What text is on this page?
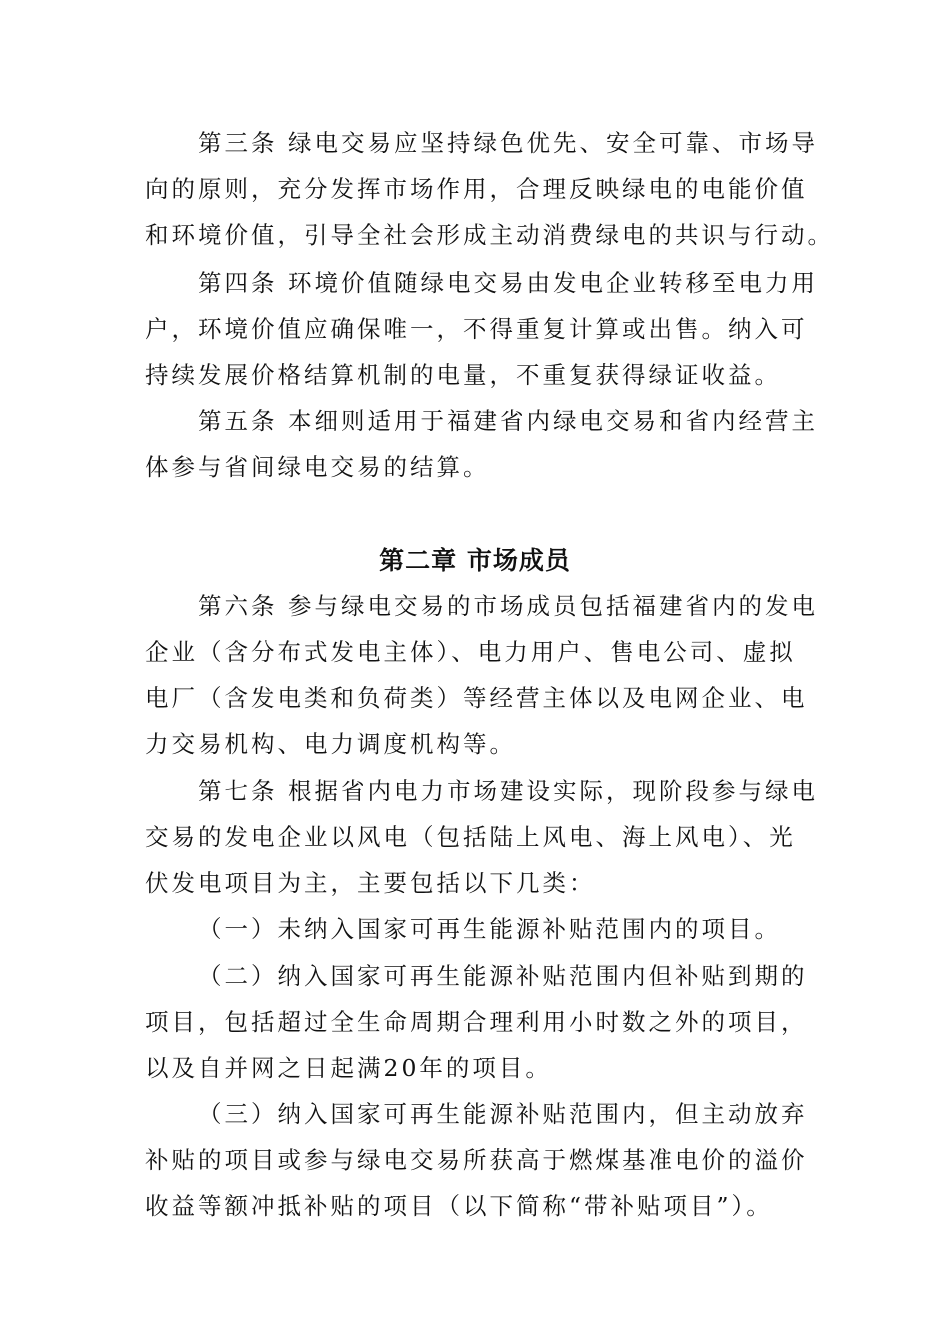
第三条 绿电交易应坚持绿色优先、安全可靠、市场导
向的原则，充分发挥市场作用，合理反映绿电的电能价值
和环境价值，引导全社会形成主动消费绿电的共识与行动。

第四条 环境价值随绿电交易由发电企业转移至电力用
户，环境价值应确保唯一，不得重复计算或出售。纳入可
持续发展价格结算机制的电量，不重复获得绿证收益。

第五条 本细则适用于福建省内绿电交易和省内经营主
体参与省间绿电交易的结算。

第二章 市场成员

第六条 参与绿电交易的市场成员包括福建省内的发电
企业（含分布式发电主体）、电力用户、售电公司、虚拟
电厂（含发电类和负荷类）等经营主体以及电网企业、电
力交易机构、电力调度机构等。

第七条 根据省内电力市场建设实际，现阶段参与绿电
交易的发电企业以风电（包括陆上风电、海上风电）、光
伏发电项目为主，主要包括以下几类：

（一）未纳入国家可再生能源补贴范围内的项目。

（二）纳入国家可再生能源补贴范围内但补贴到期的
项目，包括超过全生命周期合理利用小时数之外的项目，
以及自并网之日起满20年的项目。

（三）纳入国家可再生能源补贴范围内，但主动放弃
补贴的项目或参与绿电交易所获高于燃煤基准电价的溢价
收益等额冲抵补贴的项目（以下简称“带补贴项目”）。
